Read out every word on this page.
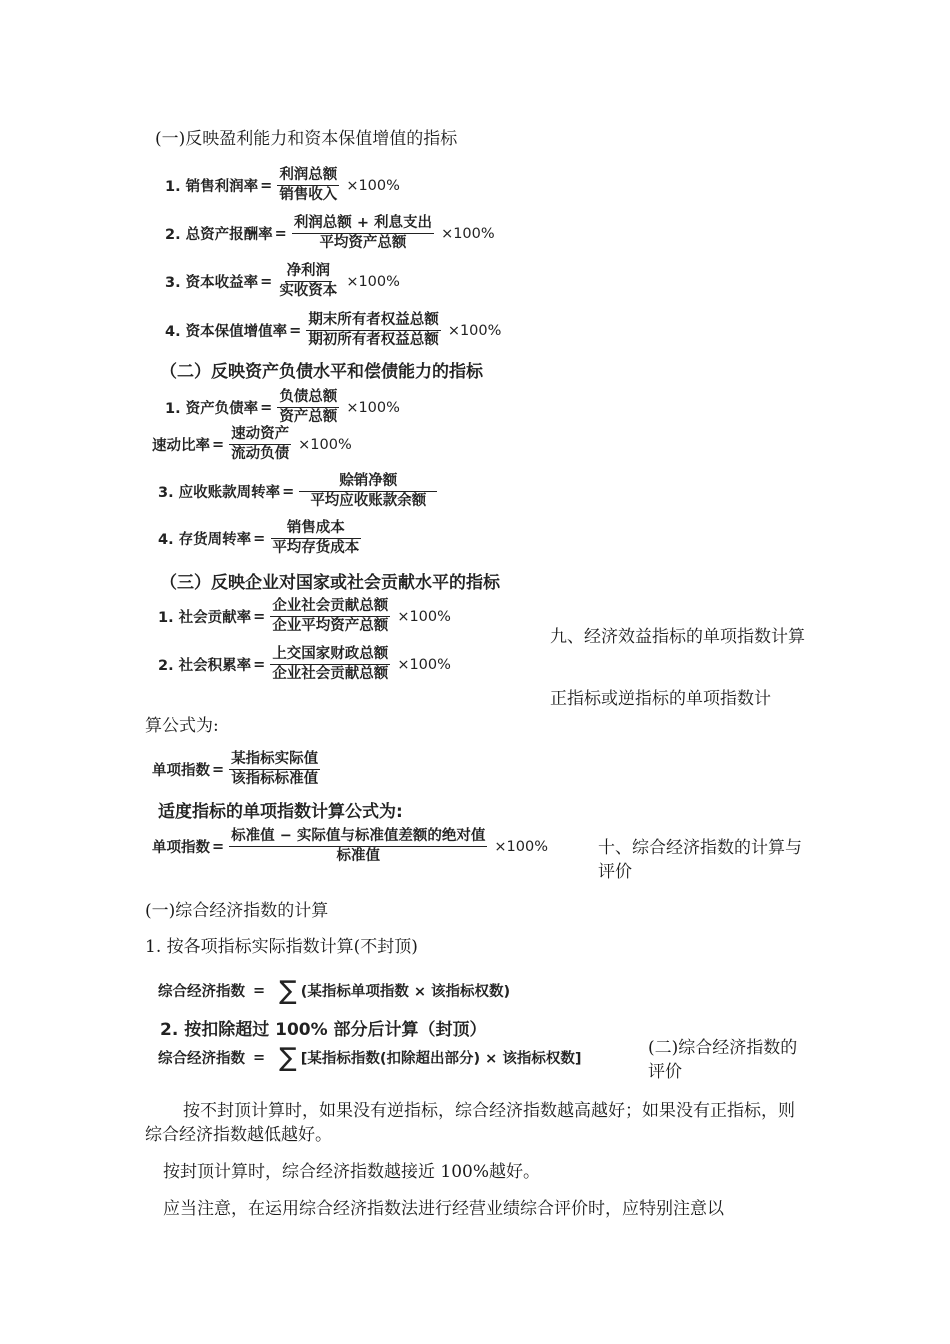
(一)反映盈利能力和资本保值增值的指标
1. 销售利润率 = $\frac{\text{利润总额}}{\text{销售收入}} \times 100\%$
2. 总资产报酬率 = $\frac{\text{利润总额 + 利息支出}}{\text{平均资产总额}} \times 100\%$
3. 资本收益率 = $\frac{\text{净利润}}{\text{实收资本}} \times 100\%$
4. 资本保值增值率 = $\frac{\text{期末所有者权益总额}}{\text{期初所有者权益总额}} \times 100\%$
（二）反映资产负债水平和偿债能力的指标
1. 资产负债率 = $\frac{\text{负债总额}}{\text{资产总额}} \times 100\%$
速动比率 = $\frac{\text{速动资产}}{\text{流动负债}} \times 100\%$
3. 应收账款周转率 = $\frac{\text{赊销净额}}{\text{平均应收账款余额}}$
4. 存货周转率 = $\frac{\text{销售成本}}{\text{平均存货成本}}$
（三）反映企业对国家或社会贡献水平的指标
1. 社会贡献率 = $\frac{\text{企业社会贡献总额}}{\text{企业平均资产总额}} \times 100\%$
2. 社会积累率 = $\frac{\text{上交国家财政总额}}{\text{企业社会贡献总额}} \times 100\%$
九、经济效益指标的单项指数计算
正指标或逆指标的单项指数计
算公式为:
单项指数 = $\frac{\text{某指标实际值}}{\text{该指标标准值}}$
适度指标的单项指数计算公式为:
单项指数 = $\frac{\text{标准值 − 实际值与标准值差额的绝对值}}{\text{标准值}} \times 100\%$	十、综合经济指数的计算与评价
(一)综合经济指数的计算
1. 按各项指标实际指数计算(不封顶)
综合经济指数 = ∑ (某指标单项指数 × 该指标权数)
2. 按扣除超过 100% 部分后计算（封顶）
综合经济指数 = ∑ [某指标指数(扣除超出部分) × 该指标权数]
(二)综合经济指数的评价
按不封顶计算时，如果没有逆指标，综合经济指数越高越好；如果没有正指标，则综合经济指数越低越好。
按封顶计算时，综合经济指数越接近 100%越好。
应当注意，在运用综合经济指数法进行经营业绩综合评价时，应特别注意以
